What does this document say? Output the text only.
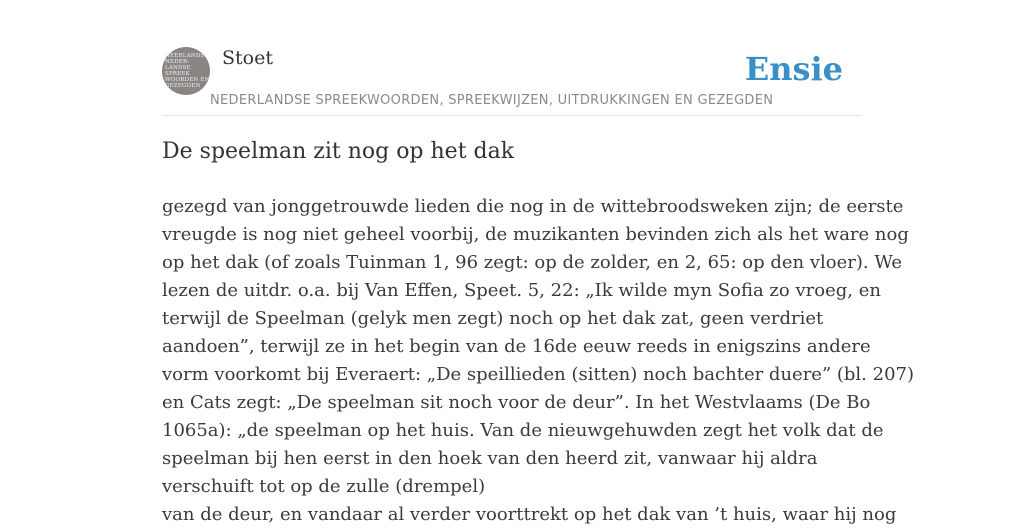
NEERLANDSE
NEDER-
LANDSE
SPREEK
WOORDEN EN
GEZEGDEN
Stoet
NEDERLANDSE SPREEKWOORDEN, SPREEKWIJZEN, UITDRUKKINGEN EN GEZEGDEN
Ensie
De speelman zit nog op het dak
gezegd van jonggetrouwde lieden die nog in de wittebroodsweken zijn; de eerste
vreugde is nog niet geheel voorbij, de muzikanten bevinden zich als het ware nog
op het dak (of zoals Tuinman 1, 96 zegt: op de zolder, en 2, 65: op den vloer). We
lezen de uitdr. o.a. bij Van Effen, Speet. 5, 22: „Ik wilde myn Sofia zo vroeg, en
terwijl de Speelman (gelyk men zegt) noch op het dak zat, geen verdriet
aandoen”, terwijl ze in het begin van de 16de eeuw reeds in enigszins andere
vorm voorkomt bij Everaert: „De speillieden (sitten) noch bachter duere” (bl. 207)
en Cats zegt: „De speelman sit noch voor de deur”. In het Westvlaams (De Bo
1065a): „de speelman op het huis. Van de nieuwgehuwden zegt het volk dat de
speelman bij hen eerst in den hoek van den heerd zit, vanwaar hij aldra
verschuift tot op de zulle (drempel)
van de deur, en vandaar al verder voorttrekt op het dak van ’t huis, waar hij nog
